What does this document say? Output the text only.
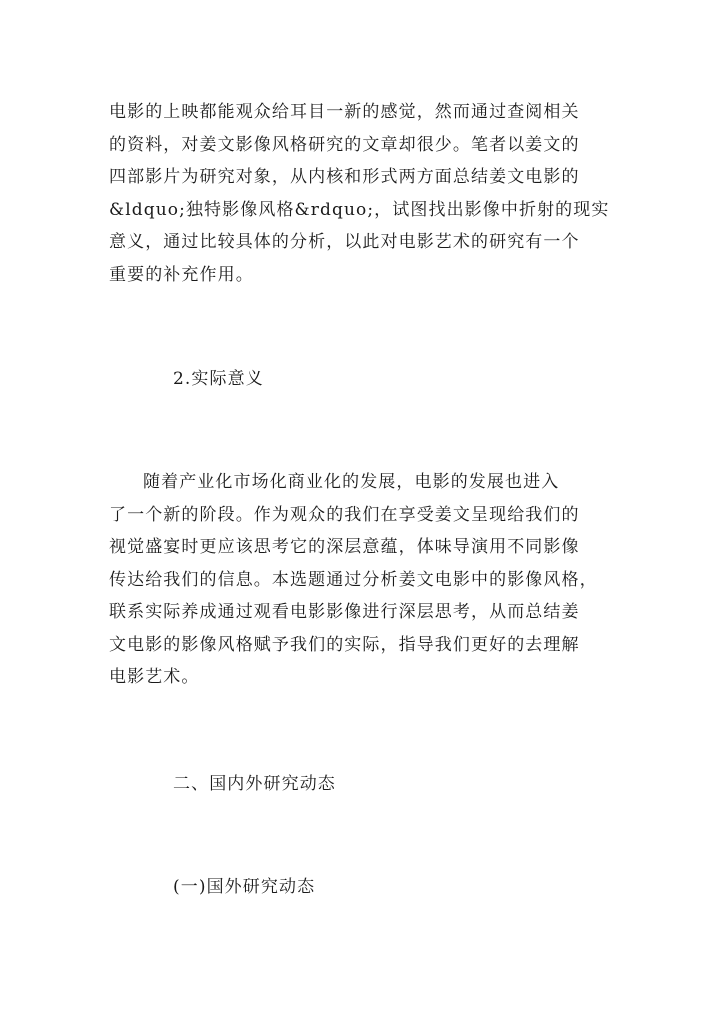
电影的上映都能观众给耳目一新的感觉，然而通过查阅相关
的资料，对姜文影像风格研究的文章却很少。笔者以姜文的
四部影片为研究对象，从内核和形式两方面总结姜文电影的
&ldquo;独特影像风格&rdquo;，试图找出影像中折射的现实
意义，通过比较具体的分析，以此对电影艺术的研究有一个
重要的补充作用。
2.实际意义
随着产业化市场化商业化的发展，电影的发展也进入
了一个新的阶段。作为观众的我们在享受姜文呈现给我们的
视觉盛宴时更应该思考它的深层意蕴，体味导演用不同影像
传达给我们的信息。本选题通过分析姜文电影中的影像风格，
联系实际养成通过观看电影影像进行深层思考，从而总结姜
文电影的影像风格赋予我们的实际，指导我们更好的去理解
电影艺术。
二、国内外研究动态
(一)国外研究动态
